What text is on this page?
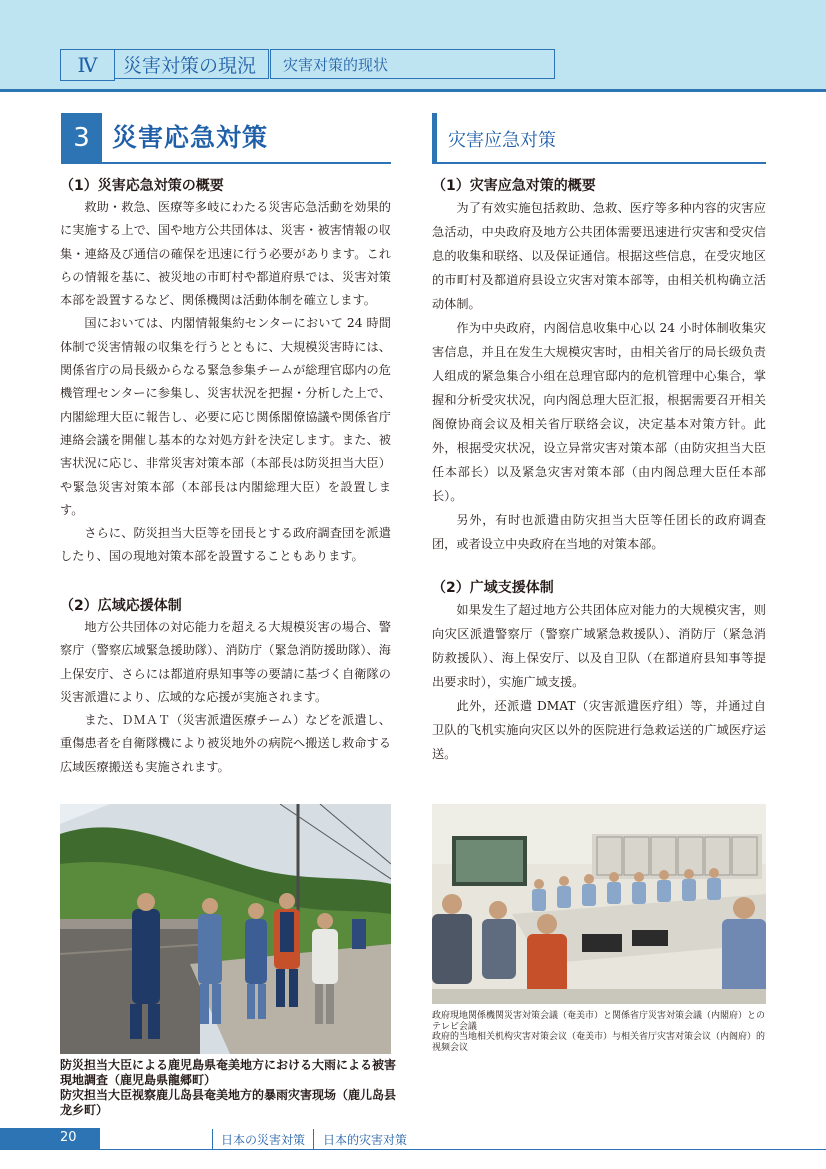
Ⅳ	災害対策の現況	灾害对策的现状
3 災害応急対策	灾害应急对策

（1）災害応急対策の概要

救助・救急、医療等多岐にわたる災害応急活動を効果的に実施する上で、国や地方公共団体は、災害・被害情報の収集・連絡及び通信の確保を迅速に行う必要があります。これらの情報を基に、被災地の市町村や都道府県では、災害対策本部を設置するなど、関係機関は活動体制を確立します。

国においては、内閣情報集約センターにおいて 24 時間体制で災害情報の収集を行うとともに、大規模災害時には、関係省庁の局長級からなる緊急参集チームが総理官邸内の危機管理センターに参集し、災害状況を把握・分析した上で、内閣総理大臣に報告し、必要に応じ関係閣僚協議や関係省庁連絡会議を開催し基本的な対処方針を決定します。また、被害状況に応じ、非常災害対策本部（本部長は防災担当大臣）や緊急災害対策本部（本部長は内閣総理大臣）を設置します。

さらに、防災担当大臣等を団長とする政府調査団を派遣したり、国の現地対策本部を設置することもあります。

（2）広域応援体制

地方公共団体の対応能力を超える大規模災害の場合、警察庁（警察広域緊急援助隊）、消防庁（緊急消防援助隊）、海上保安庁、さらには都道府県知事等の要請に基づく自衛隊の災害派遣により、広域的な応援が実施されます。

また、ＤＭＡＴ（災害派遣医療チーム）などを派遣し、重傷患者を自衛隊機により被災地外の病院へ搬送し救命する広域医療搬送も実施されます。

（1）灾害应急对策的概要

为了有效实施包括救助、急救、医疗等多种内容的灾害应急活动，中央政府及地方公共团体需要迅速进行灾害和受灾信息的收集和联络、以及保证通信。根据这些信息，在受灾地区的市町村及都道府县设立灾害对策本部等，由相关机构确立活动体制。

作为中央政府，内阁信息收集中心以 24 小时体制收集灾害信息，并且在发生大规模灾害时，由相关省厅的局长级负责人组成的紧急集合小组在总理官邸内的危机管理中心集合，掌握和分析受灾状况，向内阁总理大臣汇报，根据需要召开相关阁僚协商会议及相关省厅联络会议，决定基本对策方针。此外，根据受灾状况，设立异常灾害对策本部（由防灾担当大臣任本部长）以及紧急灾害对策本部（由内阁总理大臣任本部长）。

另外，有时也派遣由防灾担当大臣等任团长的政府调查团，或者设立中央政府在当地的对策本部。

（2）广域支援体制

如果发生了超过地方公共团体应对能力的大规模灾害，则向灾区派遣警察厅（警察广域紧急救援队）、消防厅（紧急消防救援队）、海上保安厅、以及自卫队（在都道府县知事等提出要求时），实施广域支援。

此外，还派遣 DMAT（灾害派遣医疗组）等，并通过自卫队的飞机实施向灾区以外的医院进行急救运送的广域医疗运送。

防災担当大臣による鹿児島県奄美地方における大雨による被害現地調査（鹿児島県龍郷町）

防灾担当大臣视察鹿儿岛县奄美地方的暴雨灾害现场（鹿儿岛县龙乡町）

政府現地関係機関災害対策会議（奄美市）と関係省庁災害対策会議（内閣府）とのテレビ会議

政府的当地相关机构灾害对策会议（奄美市）与相关省厅灾害对策会议（内阁府）的视频会议

20	日本の災害対策	日本的灾害对策
